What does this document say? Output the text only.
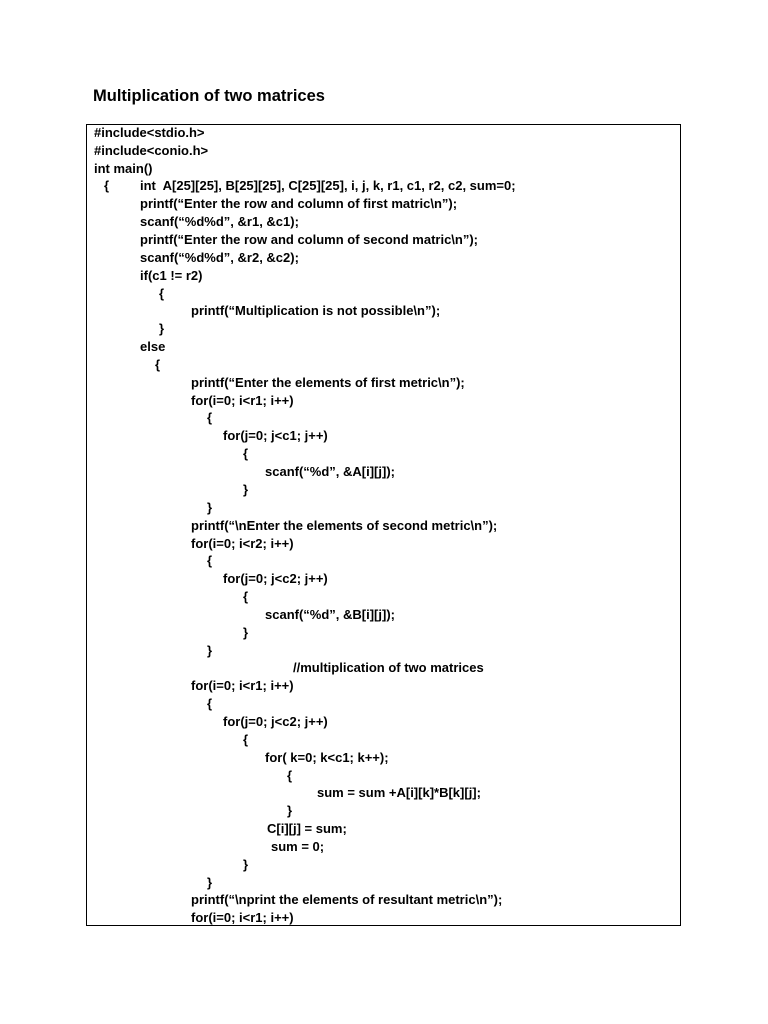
Multiplication of two matrices
#include<stdio.h>
#include<conio.h>
int main()
{ int  A[25][25], B[25][25], C[25][25], i, j, k, r1, c1, r2, c2, sum=0;
printf(“Enter the row and column of first matric\n”);
scanf(“%d%d”, &r1, &c1);
printf(“Enter the row and column of second matric\n”);
scanf(“%d%d”, &r2, &c2);
if(c1 != r2)
{
printf(“Multiplication is not possible\n”);
}
else
{
printf(“Enter the elements of first metric\n”);
for(i=0; i<r1; i++)
{
for(j=0; j<c1; j++)
{
scanf(“%d”, &A[i][j]);
}
}
printf(“\nEnter the elements of second metric\n”);
for(i=0; i<r2; i++)
{
for(j=0; j<c2; j++)
{
scanf(“%d”, &B[i][j]);
}
}
//multiplication of two matrices
for(i=0; i<r1; i++)
{
for(j=0; j<c2; j++)
{
for( k=0; k<c1; k++);
{
sum = sum +A[i][k]*B[k][j];
}
C[i][j] = sum;
sum = 0;
}
}
printf(“\nprint the elements of resultant metric\n”);
for(i=0; i<r1; i++)
